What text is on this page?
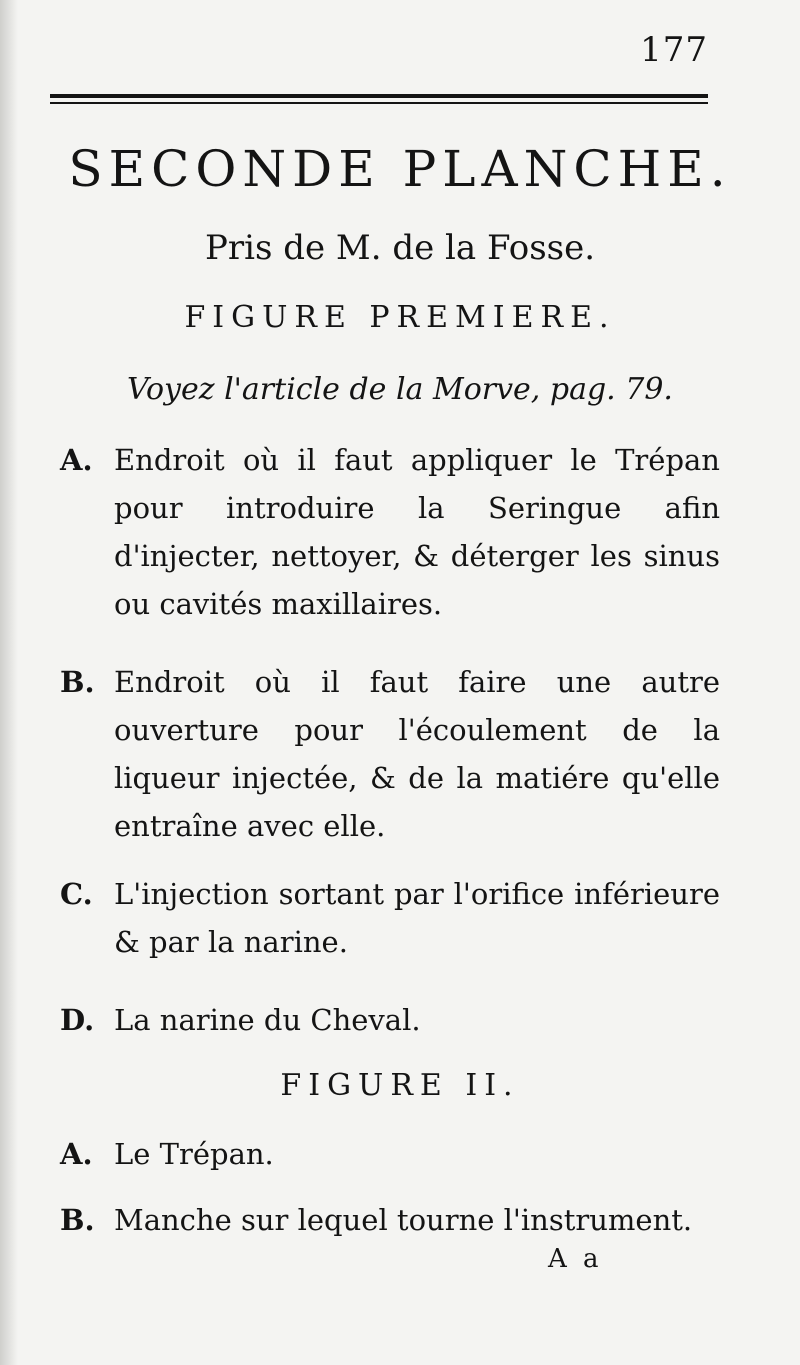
177
SECONDE PLANCHE.
Pris de M. de la Fosse.
FIGURE PREMIERE.
Voyez l'article de la Morve, pag. 79.
A. Endroit où il faut appliquer le Trépan pour introduire la Seringue afin d'injecter, nettoyer, & déterger les sinus ou cavités maxillaires.
B. Endroit où il faut faire une autre ouverture pour l'écoulement de la liqueur injectée, & de la matiére qu'elle entraîne avec elle.
C. L'injection sortant par l'orifice inférieure & par la narine.
D. La narine du Cheval.
FIGURE II.
A. Le Trépan.
B. Manche sur lequel tourne l'instrument.
A a
